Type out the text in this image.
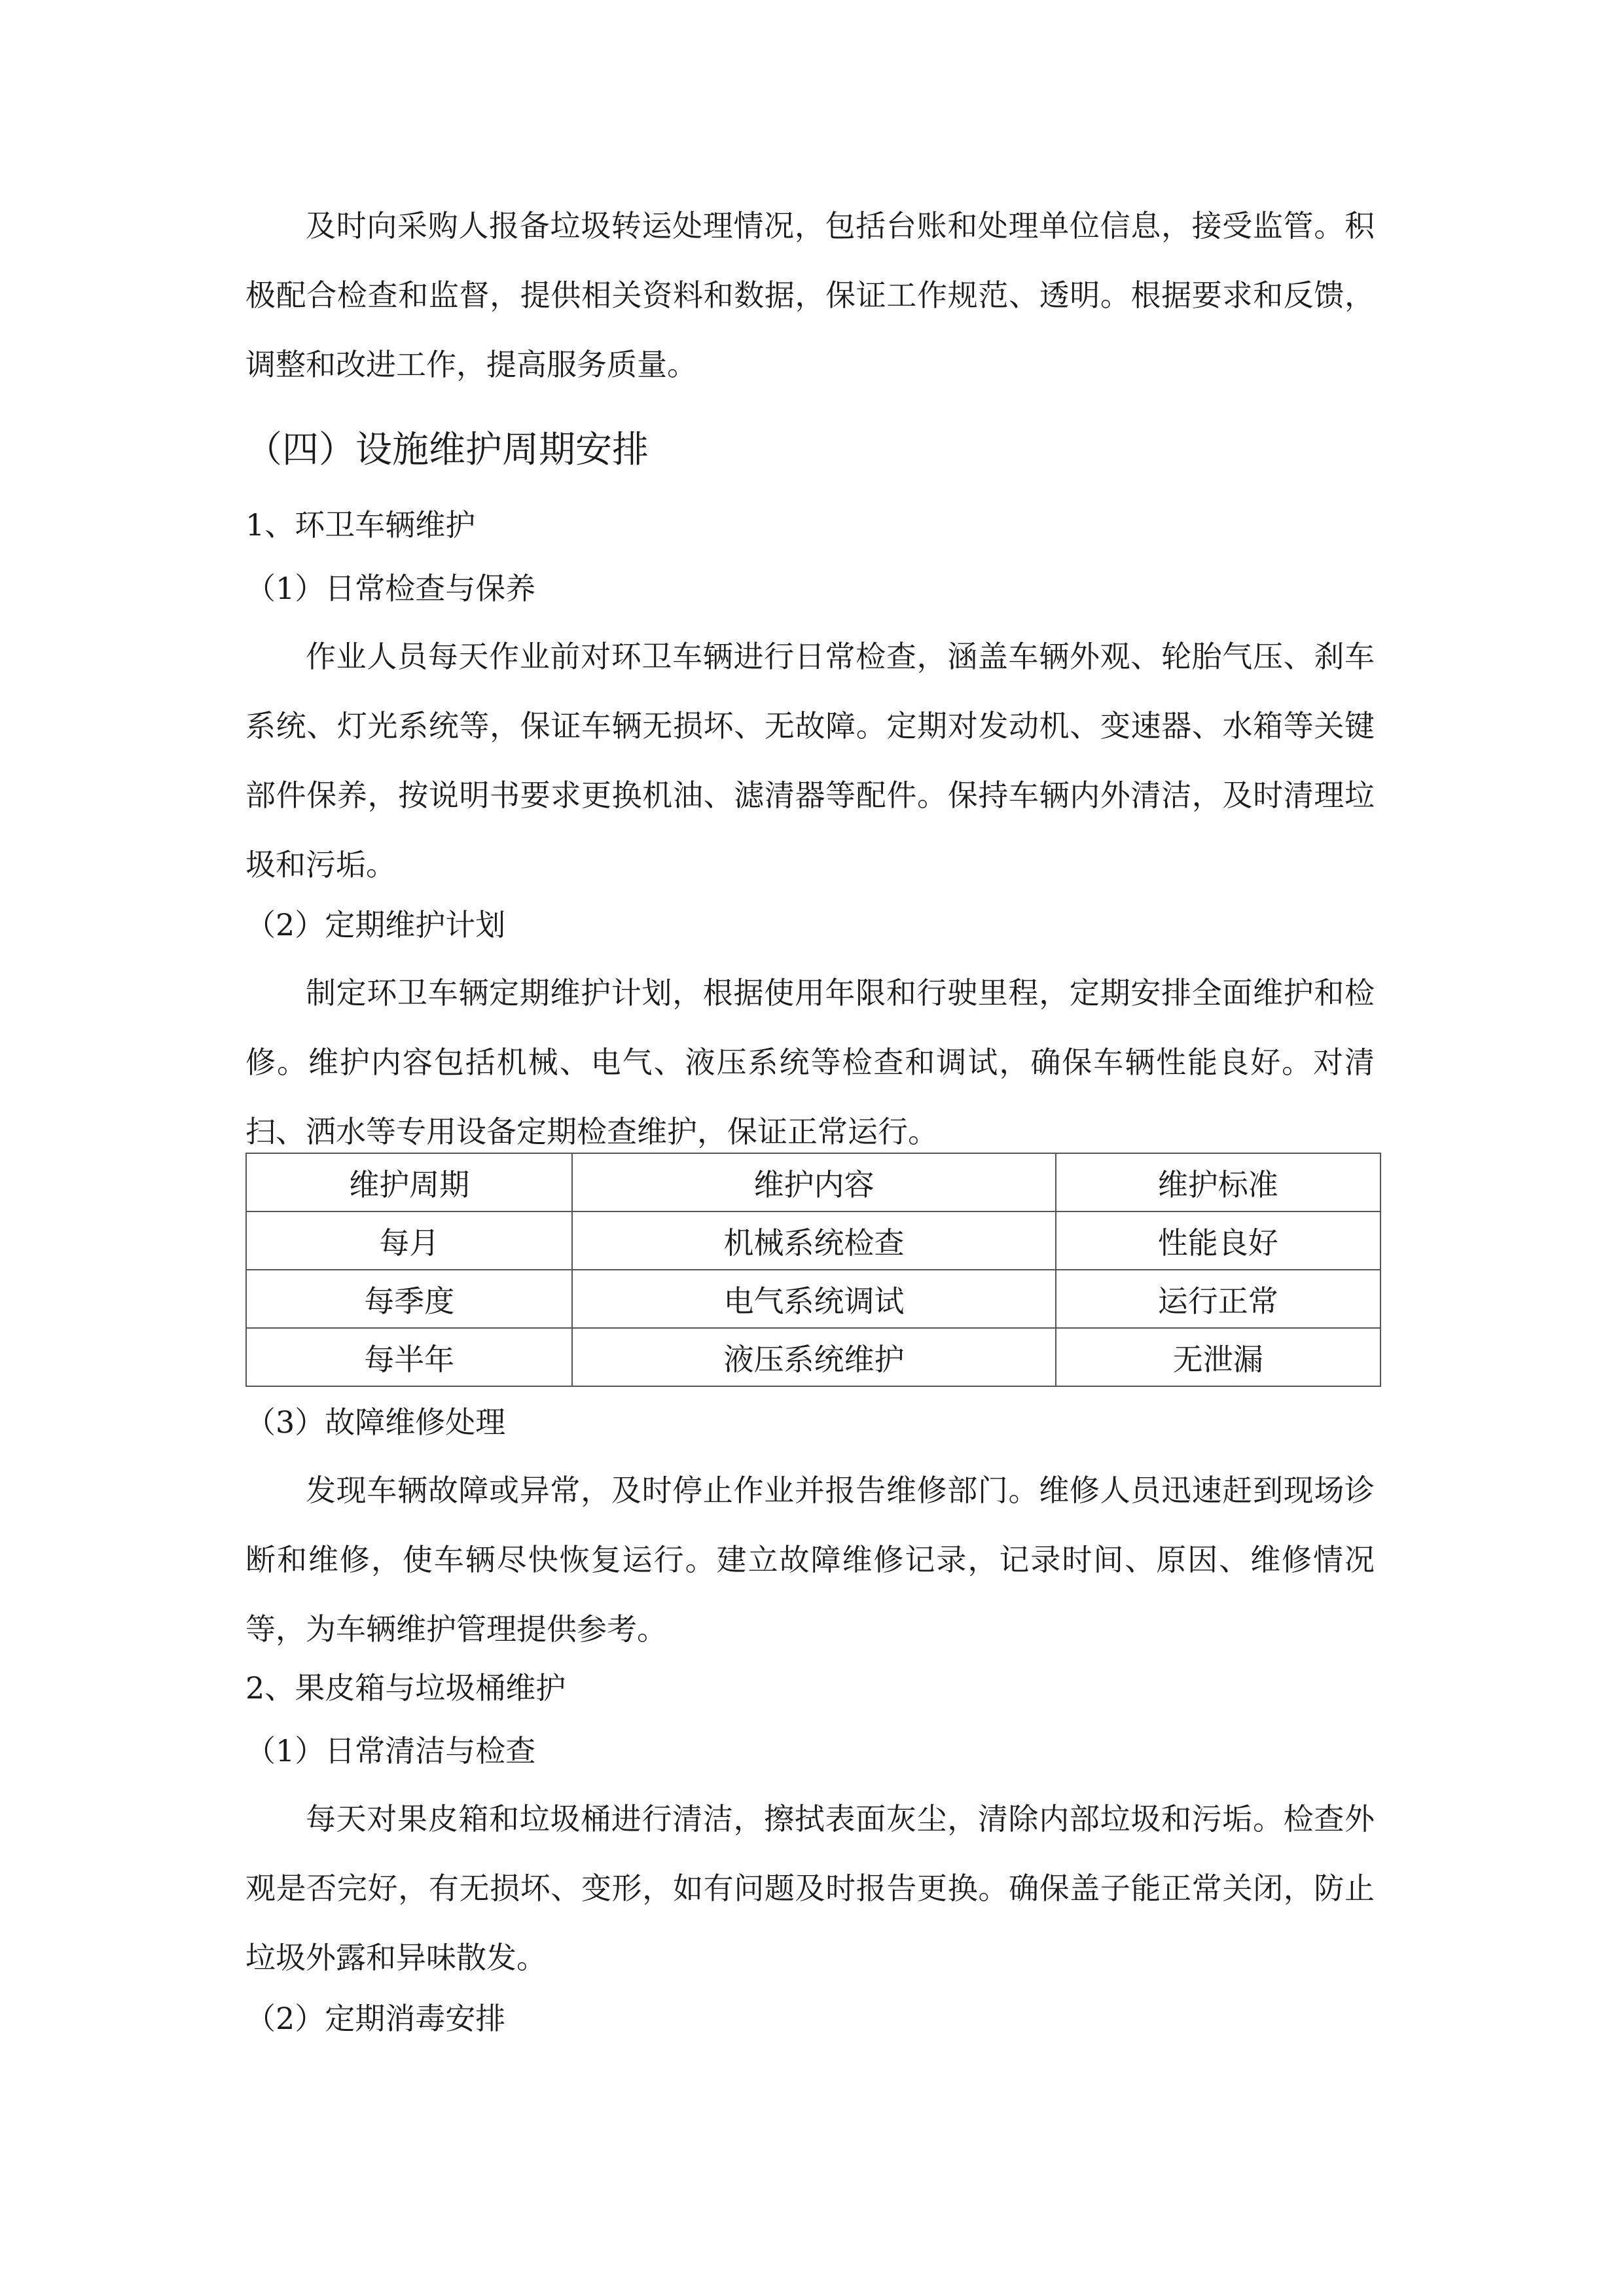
及时向采购人报备垃圾转运处理情况，包括台账和处理单位信息，接受监管。积极配合检查和监督，提供相关资料和数据，保证工作规范、透明。根据要求和反馈，调整和改进工作，提高服务质量。

（四）设施维护周期安排
1、环卫车辆维护
（1）日常检查与保养

作业人员每天作业前对环卫车辆进行日常检查，涵盖车辆外观、轮胎气压、刹车系统、灯光系统等，保证车辆无损坏、无故障。定期对发动机、变速器、水箱等关键部件保养，按说明书要求更换机油、滤清器等配件。保持车辆内外清洁，及时清理垃圾和污垢。

（2）定期维护计划

制定环卫车辆定期维护计划，根据使用年限和行驶里程，定期安排全面维护和检修。维护内容包括机械、电气、液压系统等检查和调试，确保车辆性能良好。对清扫、洒水等专用设备定期检查维护，保证正常运行。

维护周期	维护内容	维护标准
每月	机械系统检查	性能良好
每季度	电气系统调试	运行正常
每半年	液压系统维护	无泄漏
（3）故障维修处理

发现车辆故障或异常，及时停止作业并报告维修部门。维修人员迅速赶到现场诊断和维修，使车辆尽快恢复运行。建立故障维修记录，记录时间、原因、维修情况等，为车辆维护管理提供参考。

2、果皮箱与垃圾桶维护
（1）日常清洁与检查

每天对果皮箱和垃圾桶进行清洁，擦拭表面灰尘，清除内部垃圾和污垢。检查外观是否完好，有无损坏、变形，如有问题及时报告更换。确保盖子能正常关闭，防止垃圾外露和异味散发。

（2）定期消毒安排
